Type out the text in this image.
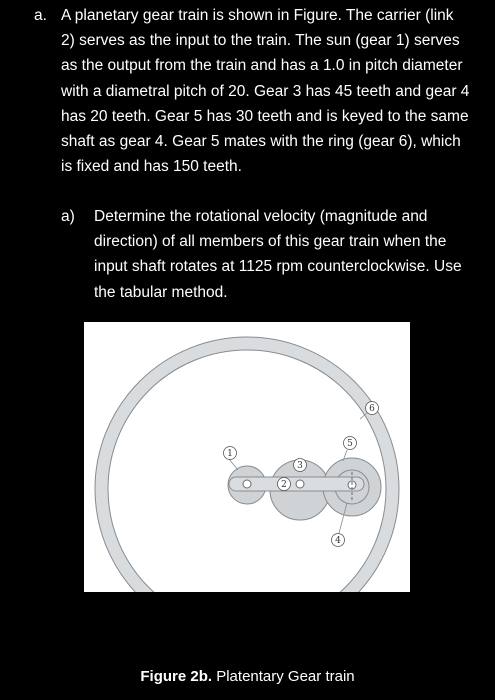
a. A planetary gear train is shown in Figure. The carrier (link 2) serves as the input to the train. The sun (gear 1) serves as the output from the train and has a 1.0 in pitch diameter with a diametral pitch of 20. Gear 3 has 45 teeth and gear 4 has 20 teeth. Gear 5 has 30 teeth and is keyed to the same shaft as gear 4. Gear 5 mates with the ring (gear 6), which is fixed and has 150 teeth.
a) Determine the rotational velocity (magnitude and direction) of all members of this gear train when the input shaft rotates at 1125 rpm counterclockwise. Use the tabular method.
1
2
3
5
4
6
Figure 2b. Platentary Gear train
